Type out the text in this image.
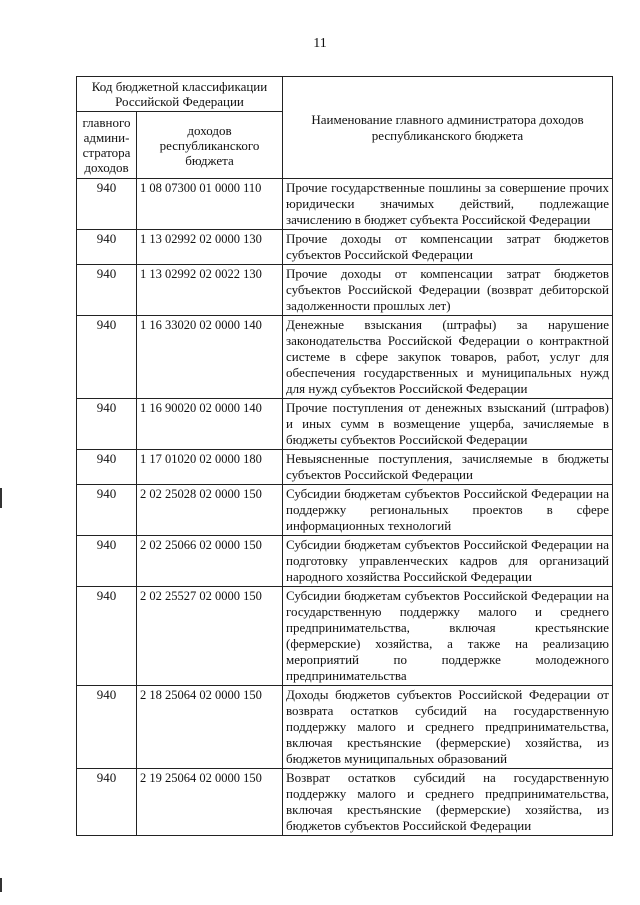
11
Код бюджетной классификации Российской Федерации		Наименование главного администратора доходов республиканского бюджета
главного админи-стратора доходов	доходов республиканского бюджета	
940	1 08 07300 01 0000 110	Прочие государственные пошлины за совершение прочих юридически значимых действий, подлежащие зачислению в бюджет субъекта Российской Федерации
940	1 13 02992 02 0000 130	Прочие доходы от компенсации затрат бюджетов субъектов Российской Федерации
940	1 13 02992 02 0022 130	Прочие доходы от компенсации затрат бюджетов субъектов Российской Федерации (возврат дебиторской задолженности прошлых лет)
940	1 16 33020 02 0000 140	Денежные взыскания (штрафы) за нарушение законодательства Российской Федерации о контрактной системе в сфере закупок товаров, работ, услуг для обеспечения государственных и муниципальных нужд для нужд субъектов Российской Федерации
940	1 16 90020 02 0000 140	Прочие поступления от денежных взысканий (штрафов) и иных сумм в возмещение ущерба, зачисляемые в бюджеты субъектов Российской Федерации
940	1 17 01020 02 0000 180	Невыясненные поступления, зачисляемые в бюджеты субъектов Российской Федерации
940	2 02 25028 02 0000 150	Субсидии бюджетам субъектов Российской Федерации на поддержку региональных проектов в сфере информационных технологий
940	2 02 25066 02 0000 150	Субсидии бюджетам субъектов Российской Федерации на подготовку управленческих кадров для организаций народного хозяйства Российской Федерации
940	2 02 25527 02 0000 150	Субсидии бюджетам субъектов Российской Федерации на государственную поддержку малого и среднего предпринимательства, включая крестьянские (фермерские) хозяйства, а также на реализацию мероприятий по поддержке молодежного предпринимательства
940	2 18 25064 02 0000 150	Доходы бюджетов субъектов Российской Федерации от возврата остатков субсидий на государственную поддержку малого и среднего предпринимательства, включая крестьянские (фермерские) хозяйства, из бюджетов муниципальных образований
940	2 19 25064 02 0000 150	Возврат остатков субсидий на государственную поддержку малого и среднего предпринимательства, включая крестьянские (фермерские) хозяйства, из бюджетов субъектов Российской Федерации
